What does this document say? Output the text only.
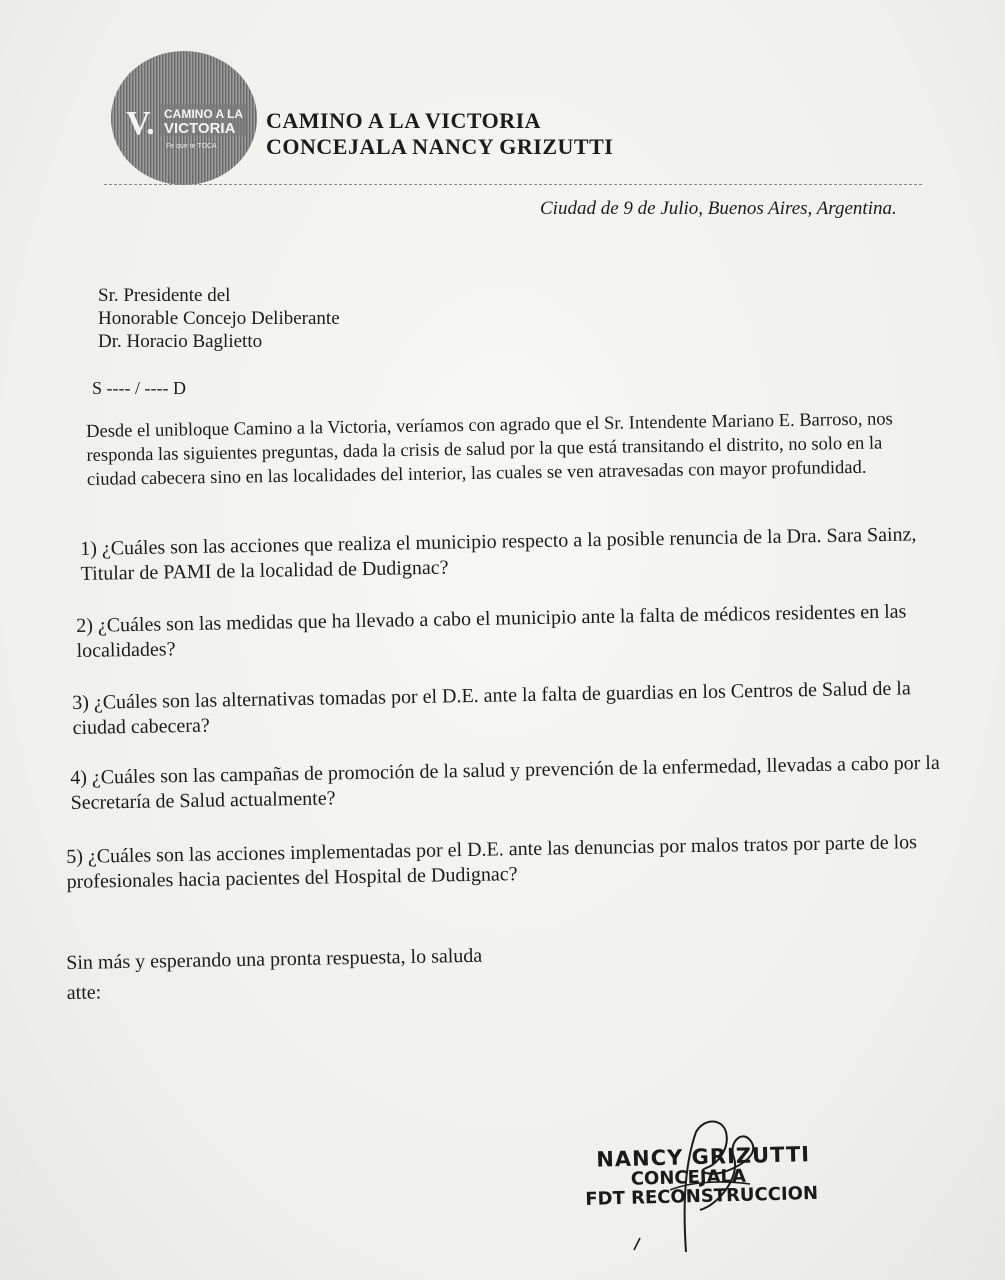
V. CAMINO A LA
VICTORIA
Fe que te TOCA
CAMINO A LA VICTORIA
CONCEJALA NANCY GRIZUTTI
Ciudad de 9 de Julio, Buenos Aires, Argentina.
Sr. Presidente del
Honorable Concejo Deliberante
Dr. Horacio Baglietto
S ---- / ---- D
Desde el unibloque Camino a la Victoria, veríamos con agrado que el Sr. Intendente Mariano E. Barroso, nos responda las siguientes preguntas, dada la crisis de salud por la que está transitando el distrito, no solo en la ciudad cabecera sino en las localidades del interior, las cuales se ven atravesadas con mayor profundidad.
1) ¿Cuáles son las acciones que realiza el municipio respecto a la posible renuncia de la Dra. Sara Sainz, Titular de PAMI de la localidad de Dudignac?
2) ¿Cuáles son las medidas que ha llevado a cabo el municipio ante la falta de médicos residentes en las localidades?
3) ¿Cuáles son las alternativas tomadas por el D.E. ante la falta de guardias en los Centros de Salud de la ciudad cabecera?
4) ¿Cuáles son las campañas de promoción de la salud y prevención de la enfermedad, llevadas a cabo por la Secretaría de Salud actualmente?
5) ¿Cuáles son las acciones implementadas por el D.E. ante las denuncias por malos tratos por parte de los profesionales hacia pacientes del Hospital de Dudignac?
Sin más y esperando una pronta respuesta, lo saluda
atte:
NANCY GRIZUTTI
CONCEJALA
FDT RECONSTRUCCION
